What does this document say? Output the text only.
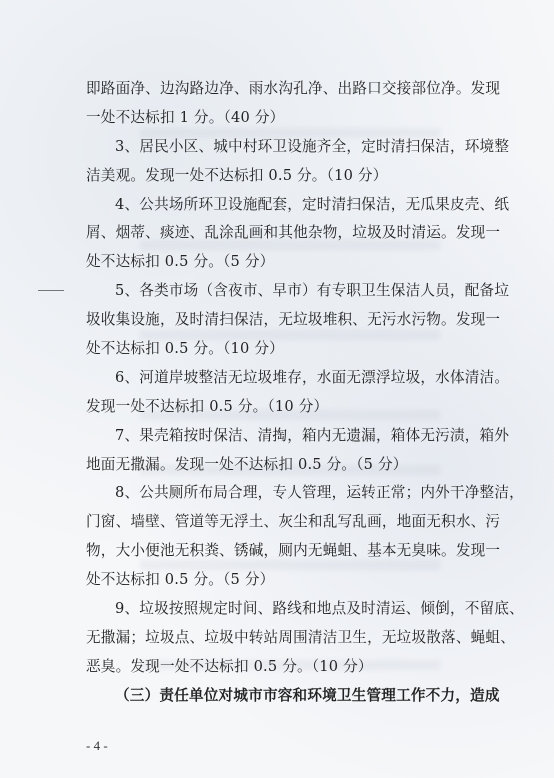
即路面净、边沟路边净、雨水沟孔净、出路口交接部位净。发现
一处不达标扣 1 分。（40 分）
3、居民小区、城中村环卫设施齐全，定时清扫保洁，环境整
洁美观。发现一处不达标扣 0.5 分。（10 分）
4、公共场所环卫设施配套，定时清扫保洁，无瓜果皮壳、纸
屑、烟蒂、痰迹、乱涂乱画和其他杂物，垃圾及时清运。发现一
处不达标扣 0.5 分。（5 分）
5、各类市场（含夜市、早市）有专职卫生保洁人员，配备垃
圾收集设施，及时清扫保洁，无垃圾堆积、无污水污物。发现一
处不达标扣 0.5 分。（10 分）
6、河道岸坡整洁无垃圾堆存，水面无漂浮垃圾，水体清洁。
发现一处不达标扣 0.5 分。（10 分）
7、果壳箱按时保洁、清掏，箱内无遗漏，箱体无污渍，箱外
地面无撒漏。发现一处不达标扣 0.5 分。（5 分）
8、公共厕所布局合理，专人管理，运转正常；内外干净整洁，
门窗、墙壁、管道等无浮土、灰尘和乱写乱画，地面无积水、污
物，大小便池无积粪、锈碱，厕内无蝇蛆、基本无臭味。发现一
处不达标扣 0.5 分。（5 分）
9、垃圾按照规定时间、路线和地点及时清运、倾倒，不留底、
无撒漏；垃圾点、垃圾中转站周围清洁卫生，无垃圾散落、蝇蛆、
恶臭。发现一处不达标扣 0.5 分。（10 分）
（三）责任单位对城市市容和环境卫生管理工作不力，造成
- 4 -
